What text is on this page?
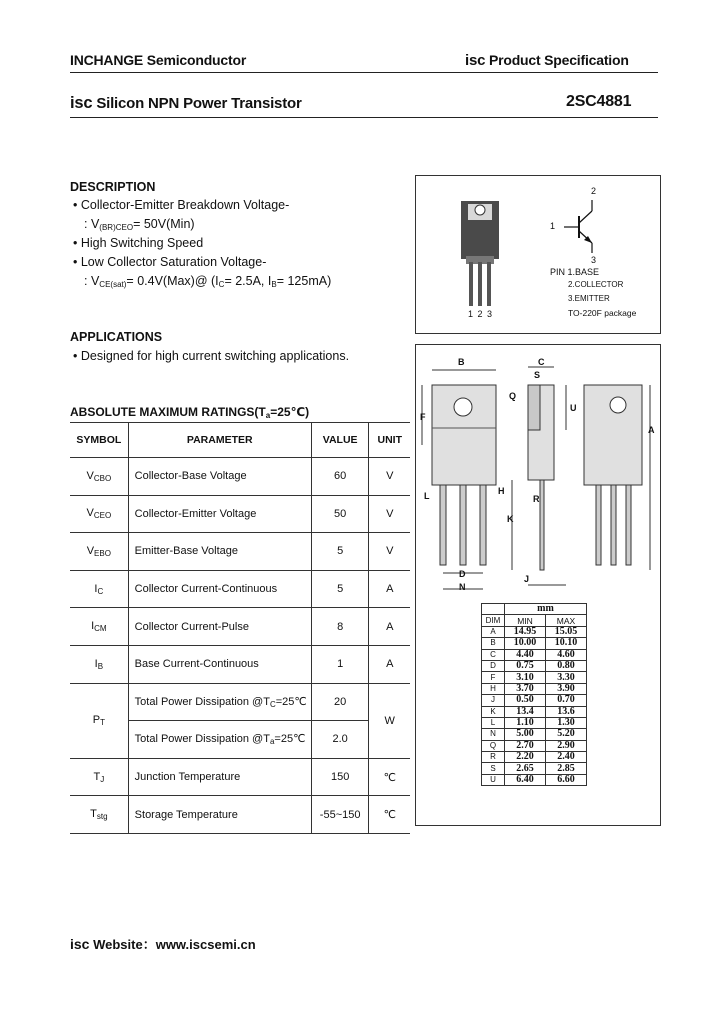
INCHANGE Semiconductor	isc Product Specification
isc Silicon NPN Power Transistor	2SC4881
DESCRIPTION
• Collector-Emitter Breakdown Voltage-
: $V_{(BR)CEO}= 50V(Min)$
• High Switching Speed
• Low Collector Saturation Voltage-
: $V_{CE(sat)}=$ 0.4V(Max)@ ($I_C= 2.5A$, $I_B= 125mA$)
APPLICATIONS
• Designed for high current switching applications.
ABSOLUTE MAXIMUM $RATINGS(T_a=25℃)$
SYMBOL	PARAMETER	VALUE	UNIT
$V_{CBO}$	Collector-Base Voltage	60	V
$V_{CEO}$	Collector-Emitter Voltage	50	V
$V_{EBO}$	Emitter-Base Voltage	5	V
$I_C$	Collector Current-Continuous	5	A
$I_{CM}$	Collector Current-Pulse	8	A
$I_B$	Base Current-Continuous	1	A
$P_T$	Total Power Dissipation $@T_C=25℃$	20	W
	Total Power Dissipation $@T_a=25℃$	2.0	
$T_J$	Junction Temperature	150	℃
$T_{stg}$	Storage Temperature	-55~150	℃
2
1
3
PIN 1.BASE
2.COLLECTOR
3.EMITTER
TO-220F package
1 2 3
B	C
S
Q
U
F
A
L	H
R
K
D
N
J
	mm	
DIM	MIN	MAX
A	14.95	15.05
B	10.00	10.10
C	4.40	4.60
D	0.75	0.80
F	3.10	3.30
H	3.70	3.90
J	0.50	0.70
K	13.4	13.6
L	1.10	1.30
N	5.00	5.20
Q	2.70	2.90
R	2.20	2.40
S	2.65	2.85
U	6.40	6.60
isc Website：www.iscsemi.cn
